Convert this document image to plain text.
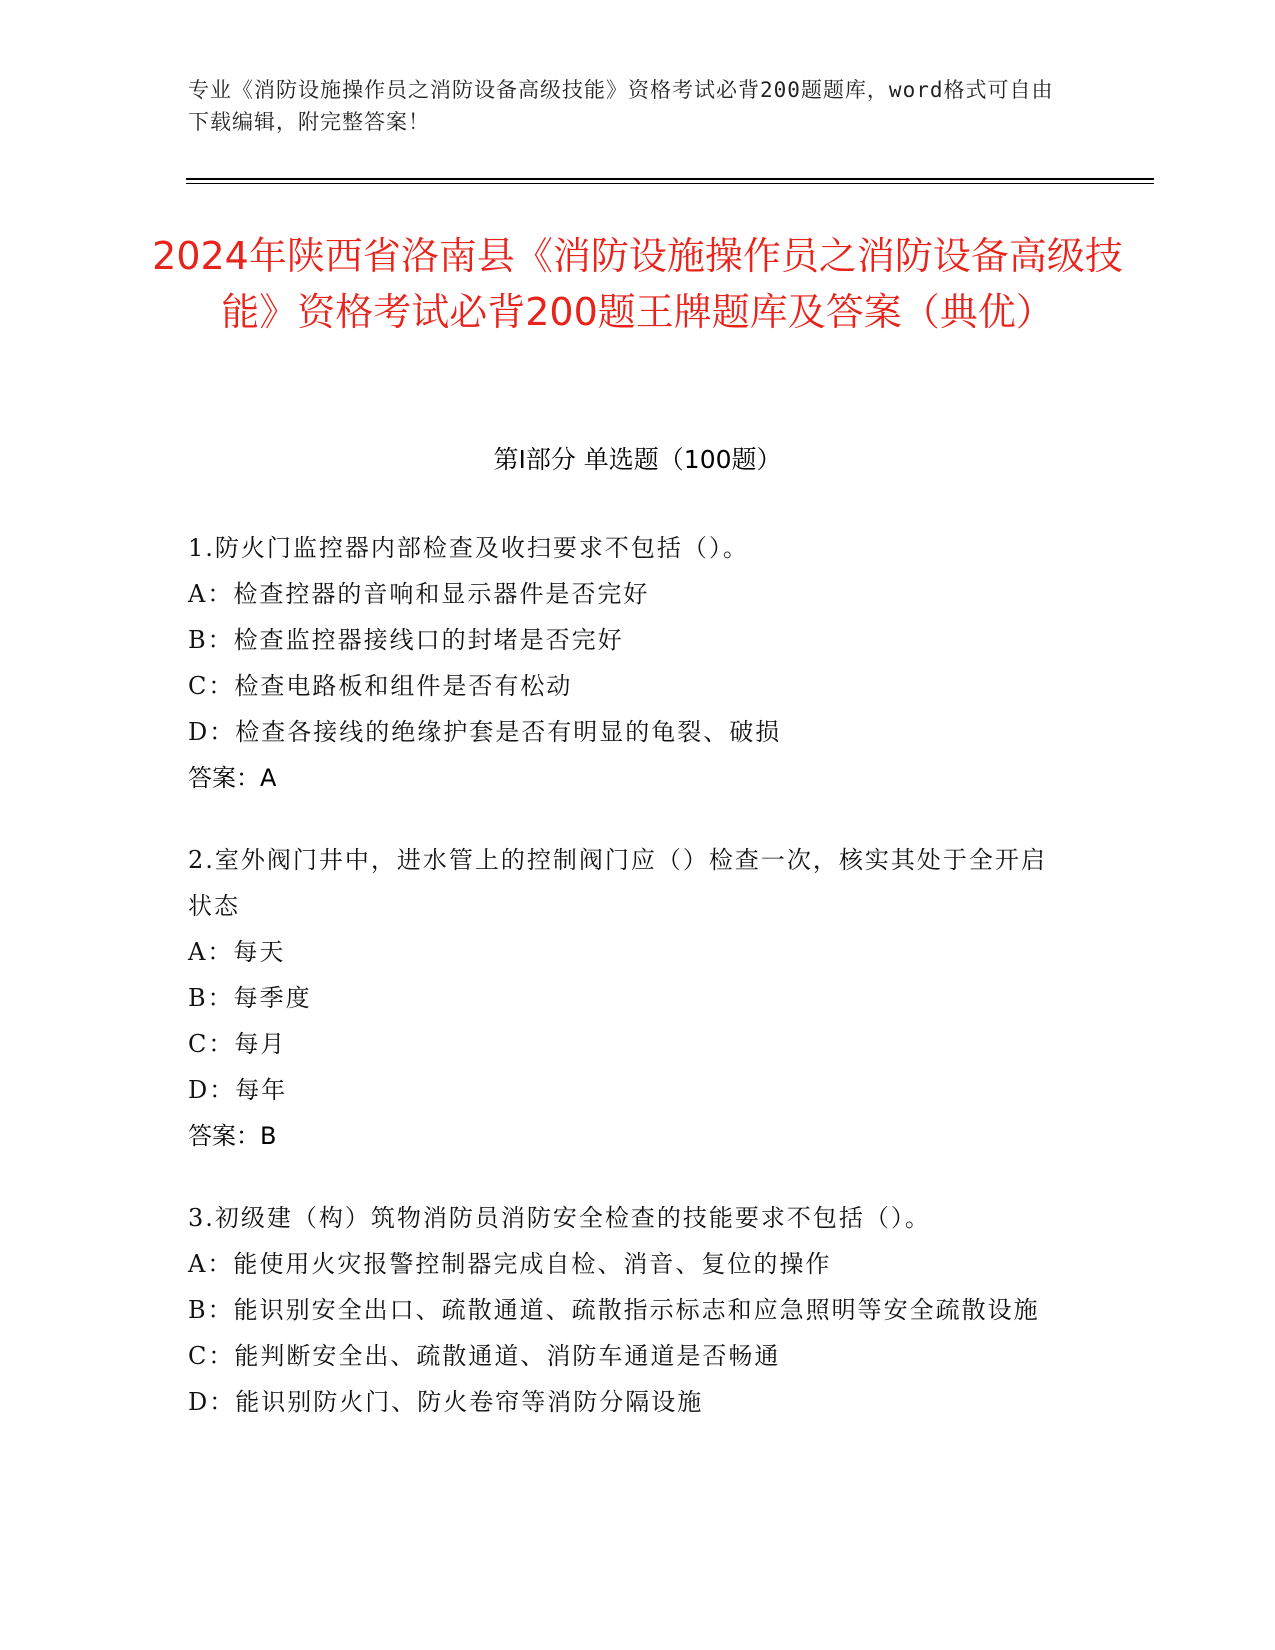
专业《消防设施操作员之消防设备高级技能》资格考试必背200题题库，word格式可自由下载编辑，附完整答案！
2024年陕西省洛南县《消防设施操作员之消防设备高级技能》资格考试必背200题王牌题库及答案（典优）
第Ⅰ部分 单选题（100题）
1.防火门监控器内部检查及收扫要求不包括（）。
A：检查控器的音响和显示器件是否完好
B：检查监控器接线口的封堵是否完好
C：检查电路板和组件是否有松动
D：检查各接线的绝缘护套是否有明显的龟裂、破损
答案：A
2.室外阀门井中，进水管上的控制阀门应（）检查一次，核实其处于全开启状态
A：每天
B：每季度
C：每月
D：每年
答案：B
3.初级建（构）筑物消防员消防安全检查的技能要求不包括（）。
A：能使用火灾报警控制器完成自检、消音、复位的操作
B：能识别安全出口、疏散通道、疏散指示标志和应急照明等安全疏散设施
C：能判断安全出、疏散通道、消防车通道是否畅通
D：能识别防火门、防火卷帘等消防分隔设施
